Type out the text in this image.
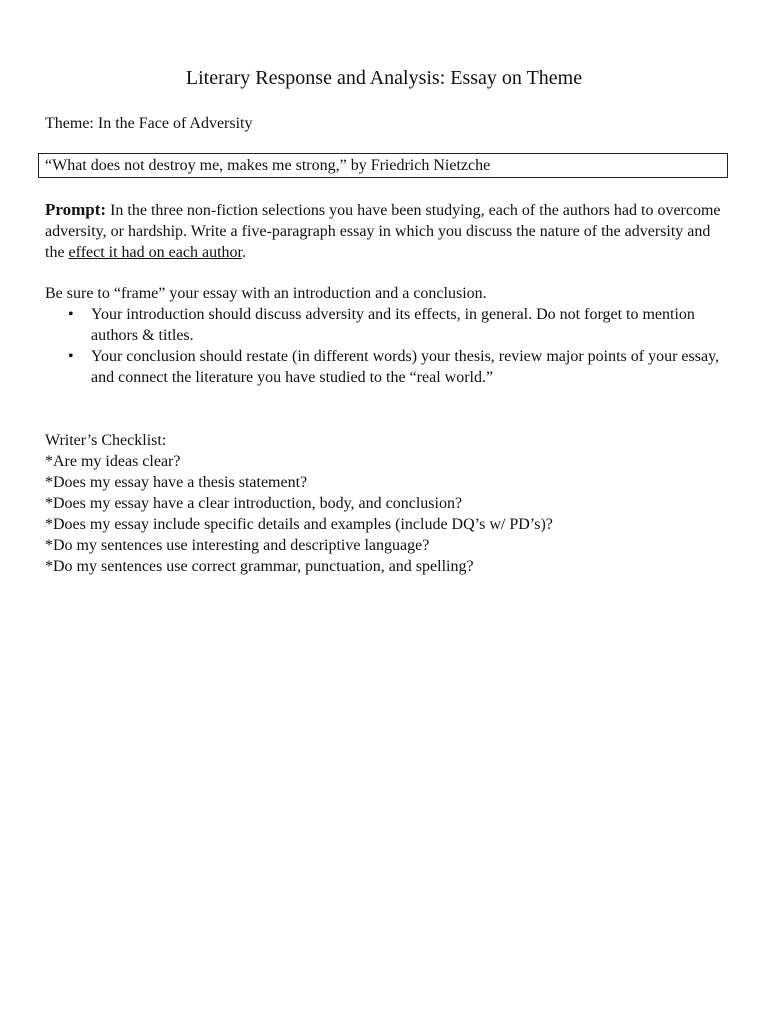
Literary Response and Analysis: Essay on Theme
Theme: In the Face of Adversity
“What does not destroy me, makes me strong,” by Friedrich Nietzche
Prompt: In the three non-fiction selections you have been studying, each of the authors had to overcome adversity, or hardship. Write a five-paragraph essay in which you discuss the nature of the adversity and the effect it had on each author.
Be sure to “frame” your essay with an introduction and a conclusion.
• Your introduction should discuss adversity and its effects, in general. Do not forget to mention authors & titles.
• Your conclusion should restate (in different words) your thesis, review major points of your essay, and connect the literature you have studied to the “real world.”
Writer’s Checklist:
*Are my ideas clear?
*Does my essay have a thesis statement?
*Does my essay have a clear introduction, body, and conclusion?
*Does my essay include specific details and examples (include DQ’s w/ PD’s)?
*Do my sentences use interesting and descriptive language?
*Do my sentences use correct grammar, punctuation, and spelling?
